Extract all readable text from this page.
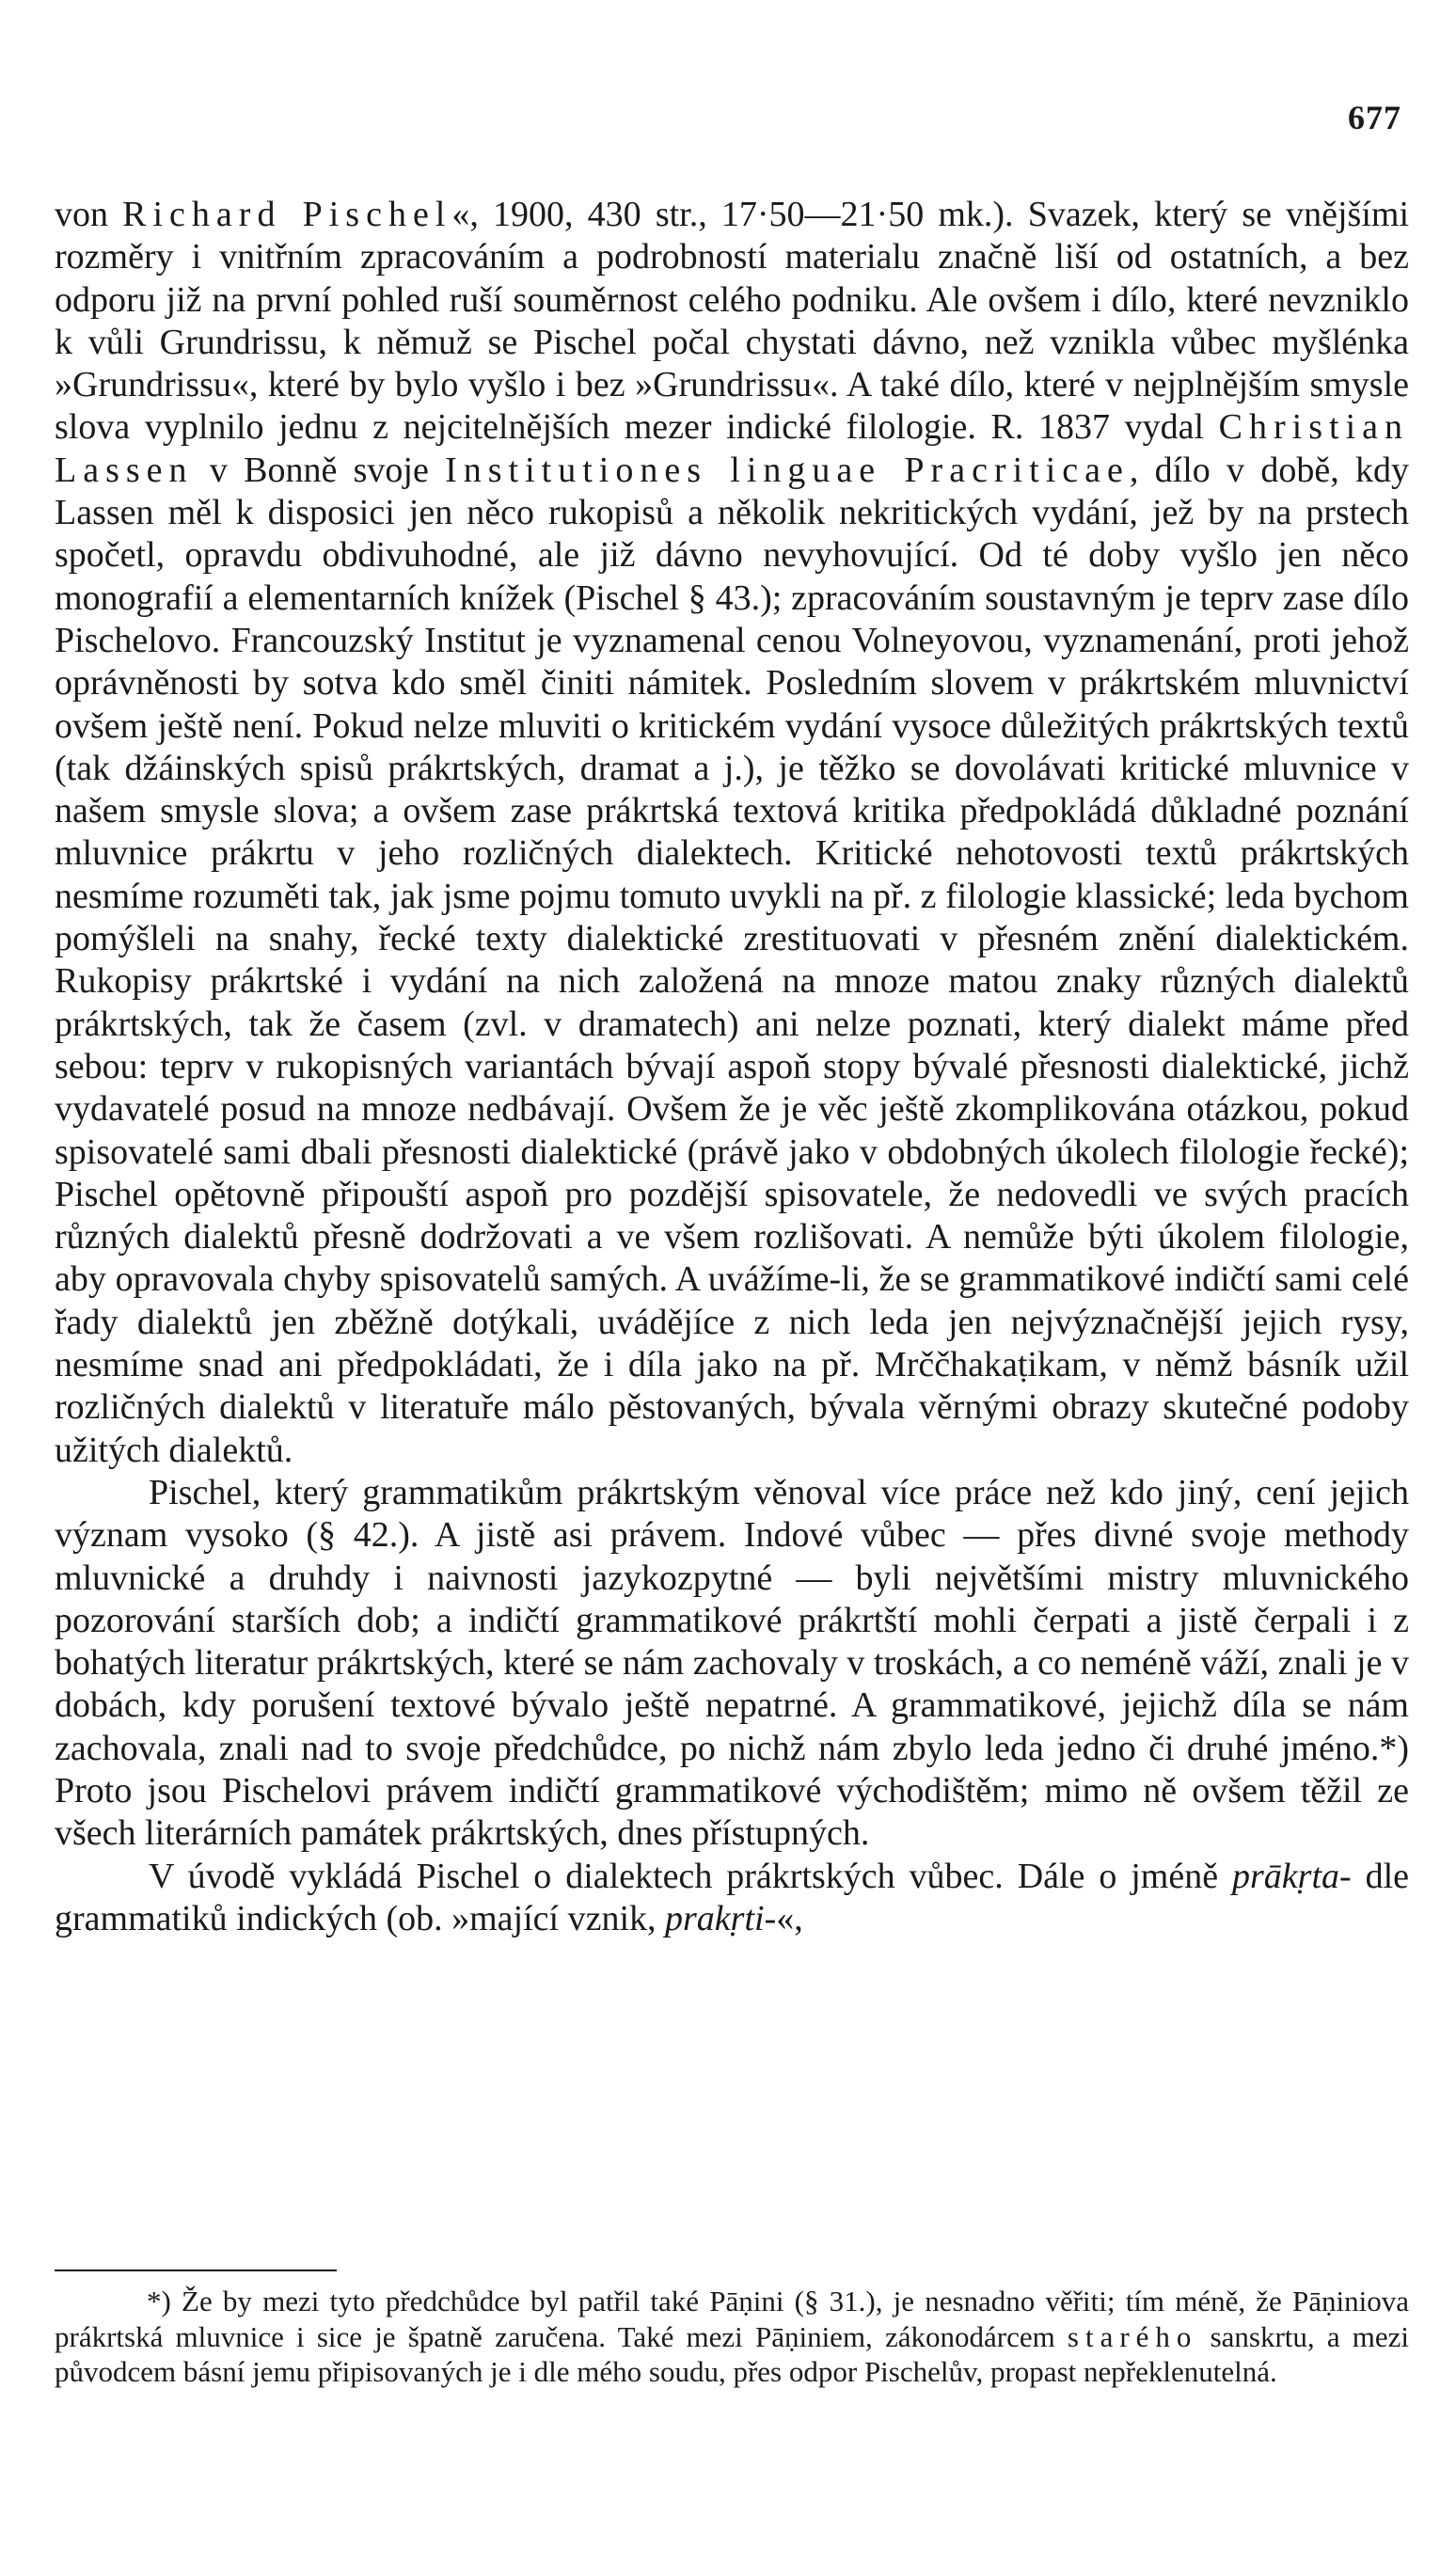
677

von Richard Pischel«, 1900, 430 str., 17·50—21·50 mk.). Svazek, který se vnějšími rozměry i vnitřním zpracováním a podrobností materialu značně liší od ostatních, a bez odporu již na první pohled ruší souměrnost celého podniku. Ale ovšem i dílo, které nevzniklo k vůli Grundrissu, k němuž se Pischel počal chystati dávno, než vznikla vůbec myšlénka »Grundrissu«, které by bylo vyšlo i bez »Grundrissu«. A také dílo, které v nejplnějším smysle slova vyplnilo jednu z nejcitelnějších mezer indické filologie. R. 1837 vydal Christian Lassen v Bonně svoje Institutiones linguae Pracriticae, dílo v době, kdy Lassen měl k disposici jen něco rukopisů a několik nekritických vydání, jež by na prstech spočetl, opravdu obdivuhodné, ale již dávno nevyhovující. Od té doby vyšlo jen něco monografií a elementarních knížek (Pischel § 43.); zpracováním soustavným je teprv zase dílo Pischelovo. Francouzský Institut je vyznamenal cenou Volneyovou, vyznamenání, proti jehož oprávněnosti by sotva kdo směl činiti námitek. Posledním slovem v prákrtském mluvnictví ovšem ještě není. Pokud nelze mluviti o kritickém vydání vysoce důležitých prákrtských textů (tak džáinských spisů prákrtských, dramat a j.), je těžko se dovolávati kritické mluvnice v našem smysle slova; a ovšem zase prákrtská textová kritika předpokládá důkladné poznání mluvnice prákrtu v jeho rozličných dialektech. Kritické nehotovosti textů prákrtských nesmíme rozuměti tak, jak jsme pojmu tomuto uvykli na př. z filologie klassické; leda bychom pomýšleli na snahy, řecké texty dialektické zrestituovati v přesném znění dialektickém. Rukopisy prákrtské i vydání na nich založená na mnoze matou znaky různých dialektů prákrtských, tak že časem (zvl. v dramatech) ani nelze poznati, který dialekt máme před sebou: teprv v rukopisných variantách bývají aspoň stopy bývalé přesnosti dialektické, jichž vydavatelé posud na mnoze nedbávají. Ovšem že je věc ještě zkomplikována otázkou, pokud spisovatelé sami dbali přesnosti dialektické (právě jako v obdobných úkolech filologie řecké); Pischel opětovně připouští aspoň pro pozdější spisovatele, že nedovedli ve svých pracích různých dialektů přesně dodržovati a ve všem rozlišovati. A nemůže býti úkolem filologie, aby opravovala chyby spisovatelů samých. A uvážíme-li, že se grammatikové indičtí sami celé řady dialektů jen zběžně dotýkali, uvádějíce z nich leda jen nejvýznačnější jejich rysy, nesmíme snad ani předpokládati, že i díla jako na př. Mrččhakaṭikam, v němž básník užil rozličných dialektů v literatuře málo pěstovaných, bývala věrnými obrazy skutečné podoby užitých dialektů.

Pischel, který grammatikům prákrtským věnoval více práce než kdo jiný, cení jejich význam vysoko (§ 42.). A jistě asi právem. Indové vůbec — přes divné svoje methody mluvnické a druhdy i naivnosti jazykozpytné — byli největšími mistry mluvnického pozorování starších dob; a indičtí grammatikové prákrtští mohli čerpati a jistě čerpali i z bohatých literatur prákrtských, které se nám zachovaly v troskách, a co neméně váží, znali je v dobách, kdy porušení textové bývalo ještě nepatrné. A grammatikové, jejichž díla se nám zachovala, znali nad to svoje předchůdce, po nichž nám zbylo leda jedno či druhé jméno.*) Proto jsou Pischelovi právem indičtí grammatikové východištěm; mimo ně ovšem těžil ze všech literárních památek prákrtských, dnes přístupných.

V úvodě vykládá Pischel o dialektech prákrtských vůbec. Dále o jméně prākṛta- dle grammatiků indických (ob. »mající vznik, prakṛti-«,

*) Že by mezi tyto předchůdce byl patřil také Pāṇini (§ 31.), je nesnadno věřiti; tím méně, že Pāṇiniova prákrtská mluvnice i sice je špatně zaručena. Také mezi Pāṇiniem, zákonodárcem starého sanskrtu, a mezi původcem básní jemu připisovaných je i dle mého soudu, přes odpor Pischelův, propast nepřeklenutelná.
